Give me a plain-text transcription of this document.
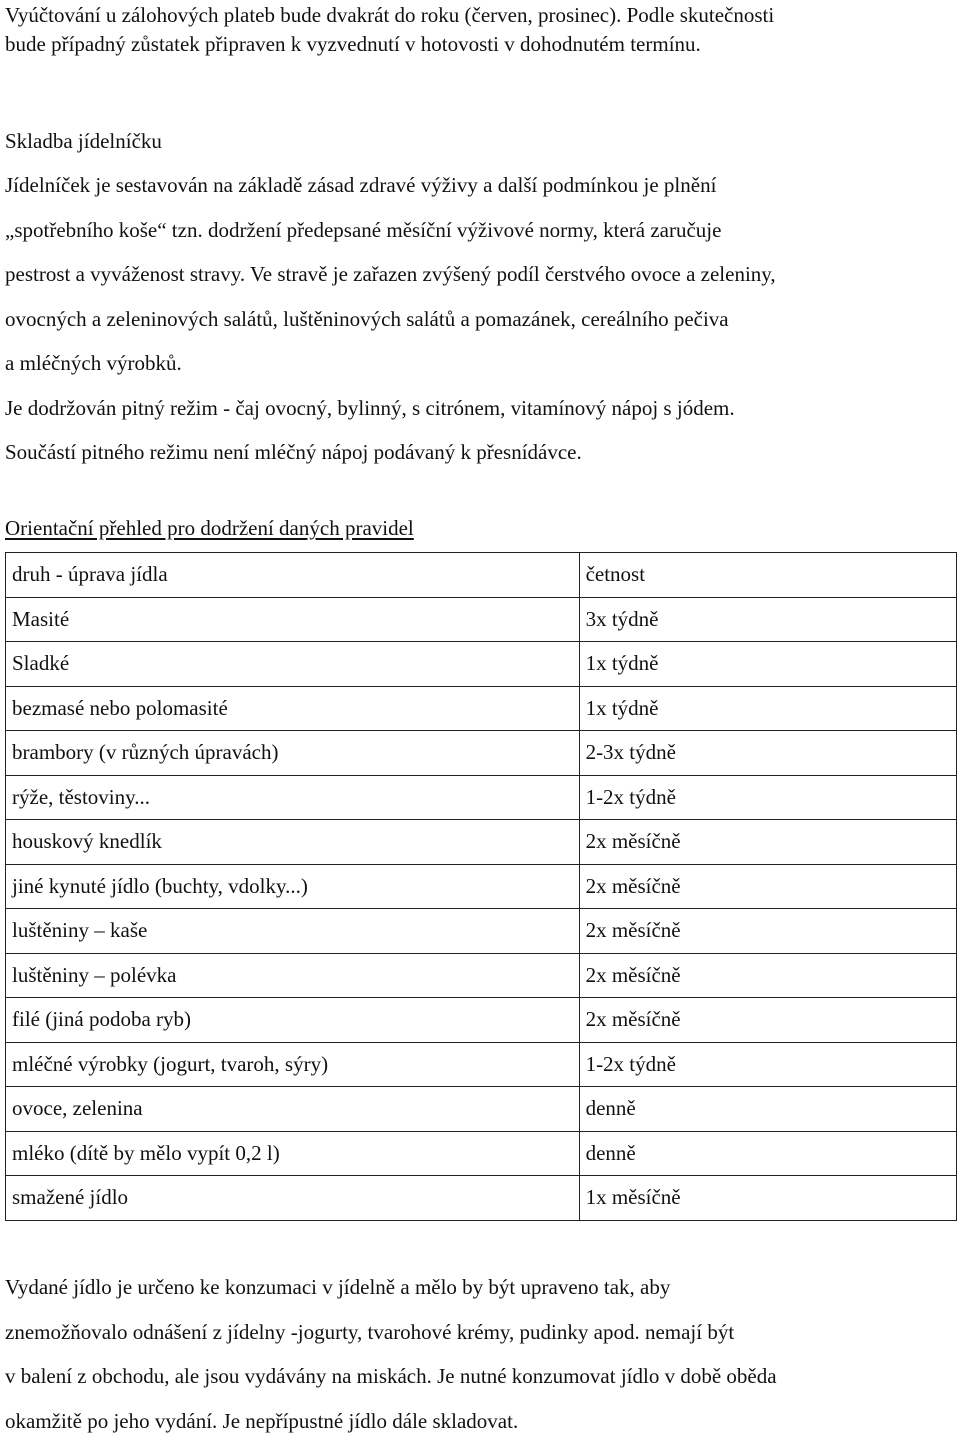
Vyúčtování u zálohových plateb bude dvakrát do roku (červen, prosinec). Podle skutečnosti
bude případný zůstatek připraven k vyzvednutí v hotovosti v dohodnutém termínu.

Skladba jídelníčku

Jídelníček je sestavován na základě zásad zdravé výživy a další podmínkou je plnění
„spotřebního koše“ tzn. dodržení předepsané měsíční výživové normy, která zaručuje
pestrost a vyváženost stravy. Ve stravě je zařazen zvýšený podíl čerstvého ovoce a zeleniny,
ovocných a zeleninových salátů, luštěninových salátů a pomazánek, cereálního pečiva
a mléčných výrobků.
Je dodržován pitný režim - čaj ovocný, bylinný, s citrónem, vitamínový nápoj s jódem.
Součástí pitného režimu není mléčný nápoj podávaný k přesnídávce.

Orientační přehled pro dodržení daných pravidel
druh - úprava jídla	četnost
Masité	3x týdně
Sladké	1x týdně
bezmasé nebo polomasité	1x týdně
brambory (v různých úpravách)	2-3x týdně
rýže, těstoviny...	1-2x týdně
houskový knedlík	2x měsíčně
jiné kynuté jídlo (buchty, vdolky...)	2x měsíčně
luštěniny – kaše	2x měsíčně
luštěniny – polévka	2x měsíčně
filé (jiná podoba ryb)	2x měsíčně
mléčné výrobky (jogurt, tvaroh, sýry)	1-2x týdně
ovoce, zelenina	denně
mléko (dítě by mělo vypít 0,2 l)	denně
smažené jídlo	1x měsíčně

Vydané jídlo je určeno ke konzumaci v jídelně a mělo by být upraveno tak, aby
znemožňovalo odnášení z jídelny -jogurty, tvarohové krémy, pudinky apod. nemají být
v balení z obchodu, ale jsou vydávány na miskách. Je nutné konzumovat jídlo v době oběda
okamžitě po jeho vydání. Je nepřípustné jídlo dále skladovat.
